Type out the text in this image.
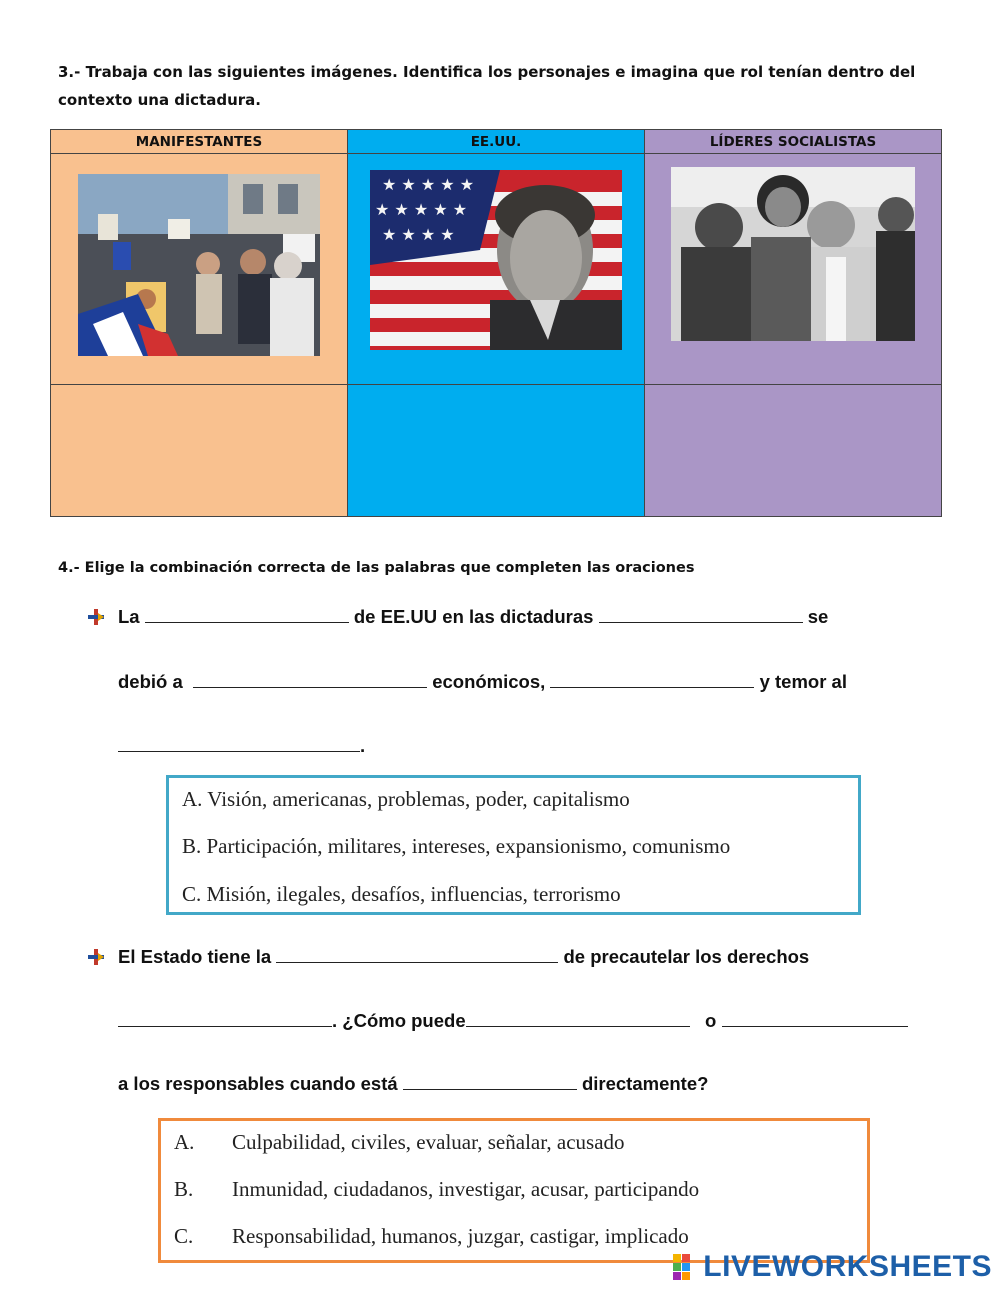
3.- Trabaja con las siguientes imágenes. Identifica los personajes e imagina que rol tenían dentro del
contexto una dictadura.
MANIFESTANTES	EE.UU.	LÍDERES SOCIALISTAS

★ ★ ★ ★ ★
★ ★ ★ ★ ★
★ ★ ★ ★

4.- Elige la combinación correcta de las palabras que completen las oraciones
La	de EE.UU en las dictaduras	se
debió a	económicos,	y temor al
.
A. Visión, americanas, problemas, poder, capitalismo
B. Participación, militares, intereses, expansionismo, comunismo
C. Misión, ilegales, desafíos, influencias, terrorismo
El Estado tiene la	de precautelar los derechos
. ¿Cómo puede	o
a los responsables cuando está	directamente?
A. Culpabilidad, civiles, evaluar, señalar, acusado
B. Inmunidad, ciudadanos, investigar, acusar, participando
C. Responsabilidad, humanos, juzgar, castigar, implicado
LIVEWORKSHEETS
